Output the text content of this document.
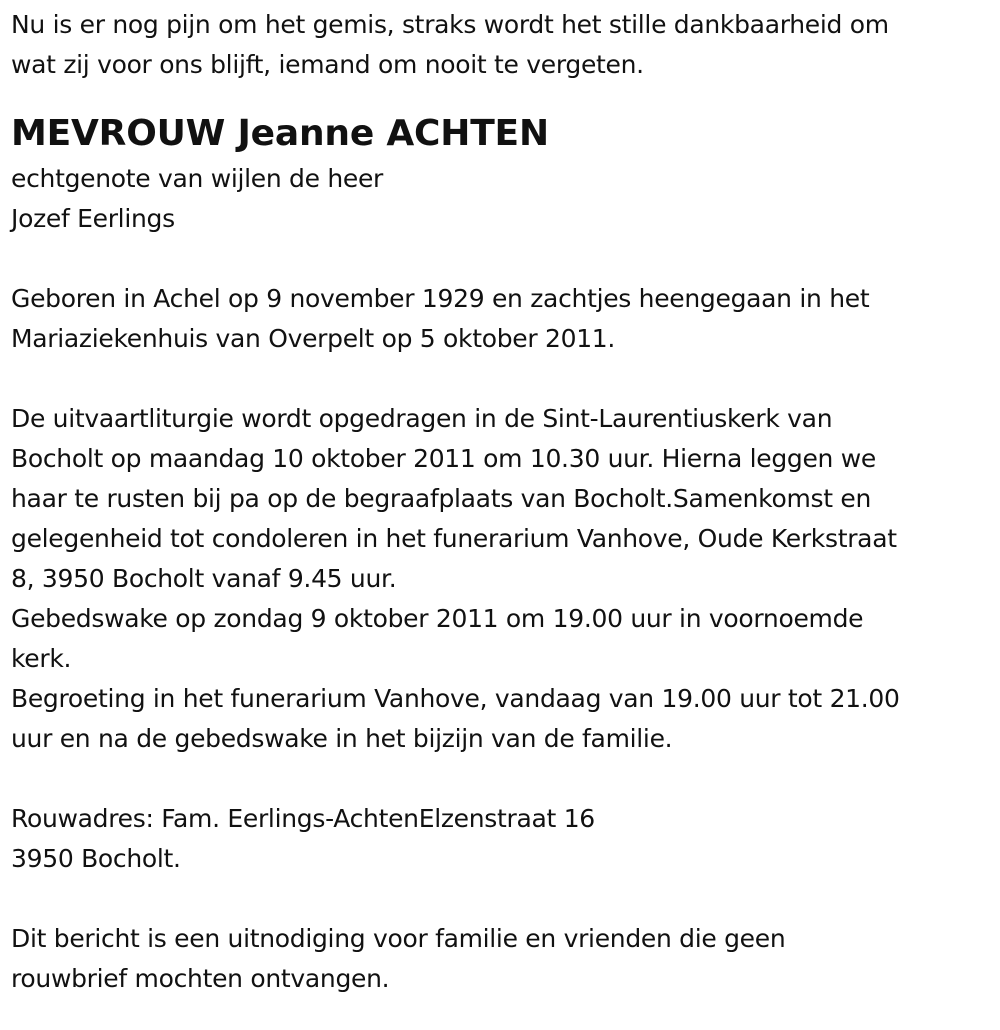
Nu is er nog pijn om het gemis, straks wordt het stille dankbaarheid om
wat zij voor ons blijft, iemand om nooit te vergeten.
MEVROUW Jeanne ACHTEN
echtgenote van wijlen de heer
Jozef Eerlings
Geboren in Achel op 9 november 1929 en zachtjes heengegaan in het
Mariaziekenhuis van Overpelt op 5 oktober 2011.
De uitvaartliturgie wordt opgedragen in de Sint-Laurentiuskerk van
Bocholt op maandag 10 oktober 2011 om 10.30 uur. Hierna leggen we
haar te rusten bij pa op de begraafplaats van Bocholt.Samenkomst en
gelegenheid tot condoleren in het funerarium Vanhove, Oude Kerkstraat
8, 3950 Bocholt vanaf 9.45 uur.
Gebedswake op zondag 9 oktober 2011 om 19.00 uur in voornoemde
kerk.
Begroeting in het funerarium Vanhove, vandaag van 19.00 uur tot 21.00
uur en na de gebedswake in het bijzijn van de familie.
Rouwadres: Fam. Eerlings-AchtenElzenstraat 16
3950 Bocholt.
Dit bericht is een uitnodiging voor familie en vrienden die geen
rouwbrief mochten ontvangen.
